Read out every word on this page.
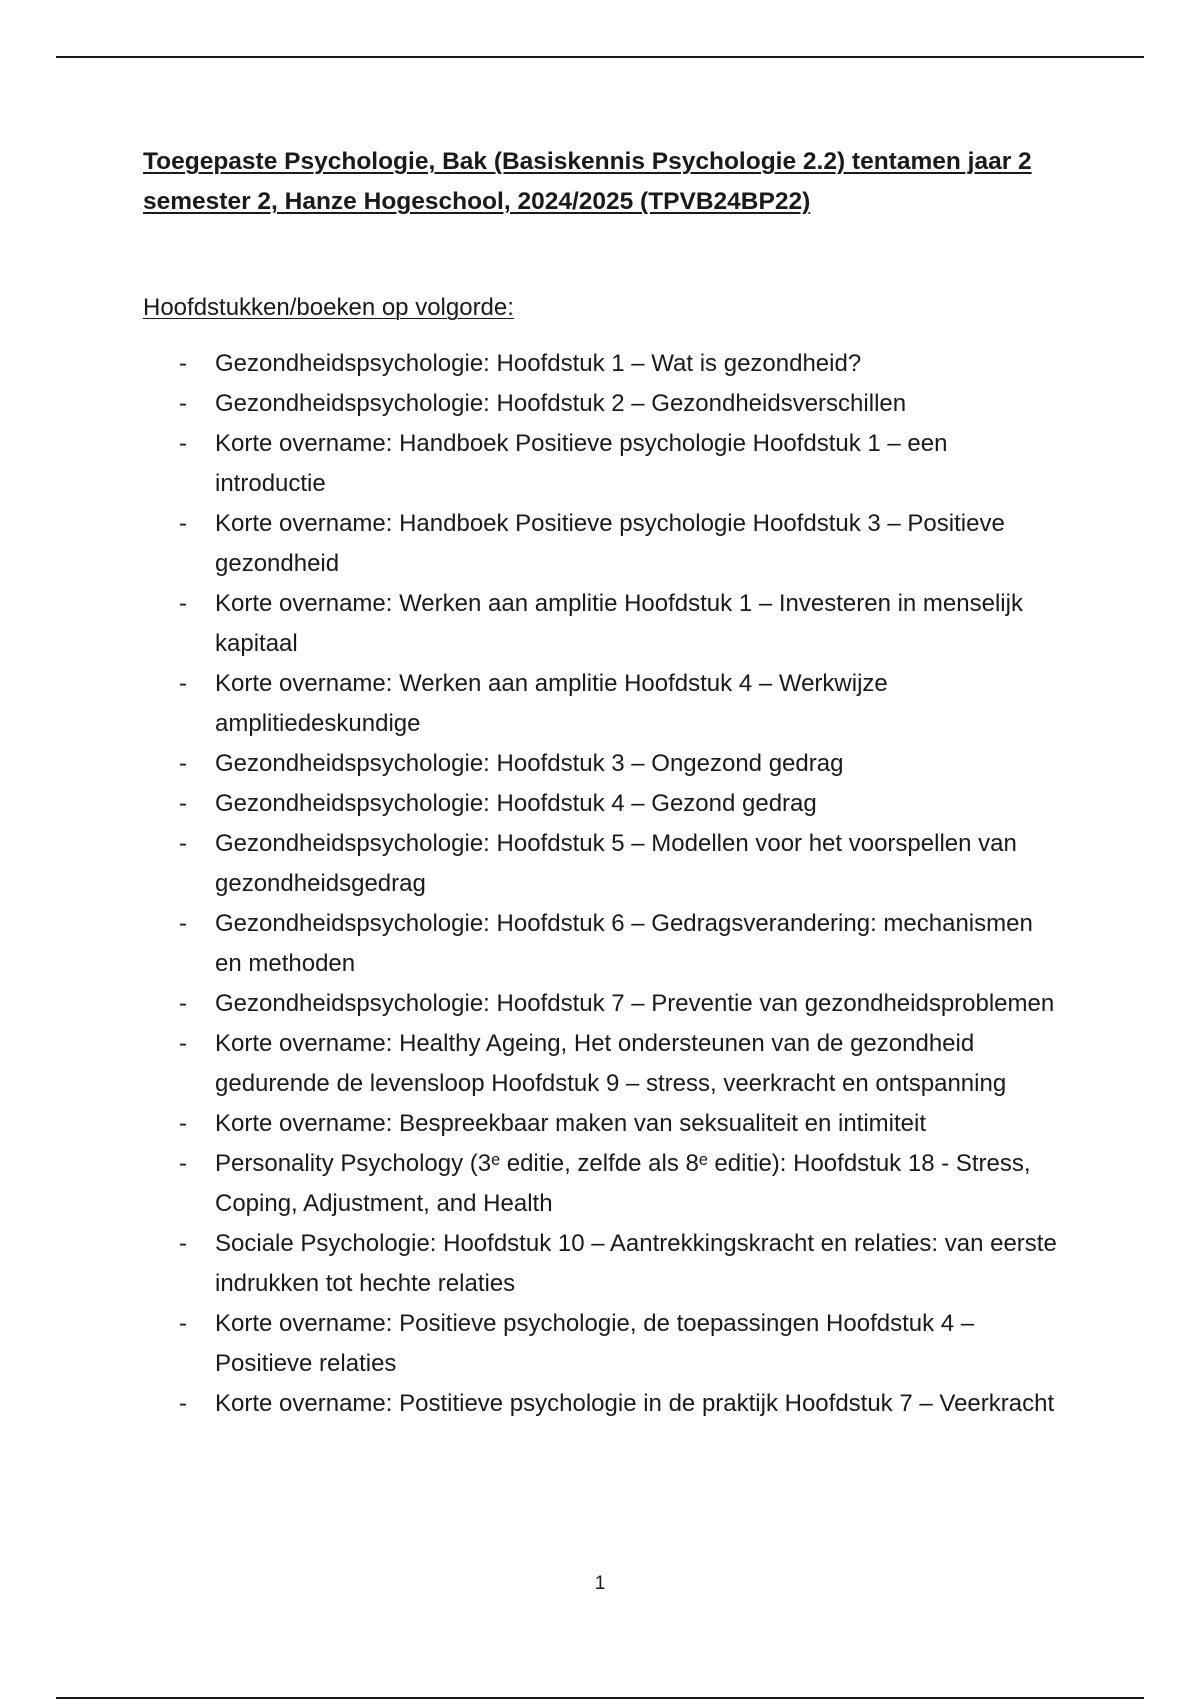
Toegepaste Psychologie, Bak (Basiskennis Psychologie 2.2) tentamen jaar 2 semester 2, Hanze Hogeschool, 2024/2025 (TPVB24BP22)
Hoofdstukken/boeken op volgorde:
- Gezondheidspsychologie: Hoofdstuk 1 – Wat is gezondheid?
- Gezondheidspsychologie: Hoofdstuk 2 – Gezondheidsverschillen
- Korte overname: Handboek Positieve psychologie Hoofdstuk 1 – een introductie
- Korte overname: Handboek Positieve psychologie Hoofdstuk 3 – Positieve gezondheid
- Korte overname: Werken aan amplitie Hoofdstuk 1 – Investeren in menselijk kapitaal
- Korte overname: Werken aan amplitie Hoofdstuk 4 – Werkwijze amplitiedeskundige
- Gezondheidspsychologie: Hoofdstuk 3 – Ongezond gedrag
- Gezondheidspsychologie: Hoofdstuk 4 – Gezond gedrag
- Gezondheidspsychologie: Hoofdstuk 5 – Modellen voor het voorspellen van gezondheidsgedrag
- Gezondheidspsychologie: Hoofdstuk 6 – Gedragsverandering: mechanismen en methoden
- Gezondheidspsychologie: Hoofdstuk 7 – Preventie van gezondheidsproblemen
- Korte overname: Healthy Ageing, Het ondersteunen van de gezondheid gedurende de levensloop Hoofdstuk 9 – stress, veerkracht en ontspanning
- Korte overname: Bespreekbaar maken van seksualiteit en intimiteit
- Personality Psychology (3ᵉ editie, zelfde als 8ᵉ editie): Hoofdstuk 18 - Stress, Coping, Adjustment, and Health
- Sociale Psychologie: Hoofdstuk 10 – Aantrekkingskracht en relaties: van eerste indrukken tot hechte relaties
- Korte overname: Positieve psychologie, de toepassingen Hoofdstuk 4 – Positieve relaties
- Korte overname: Postitieve psychologie in de praktijk Hoofdstuk 7 – Veerkracht
1
